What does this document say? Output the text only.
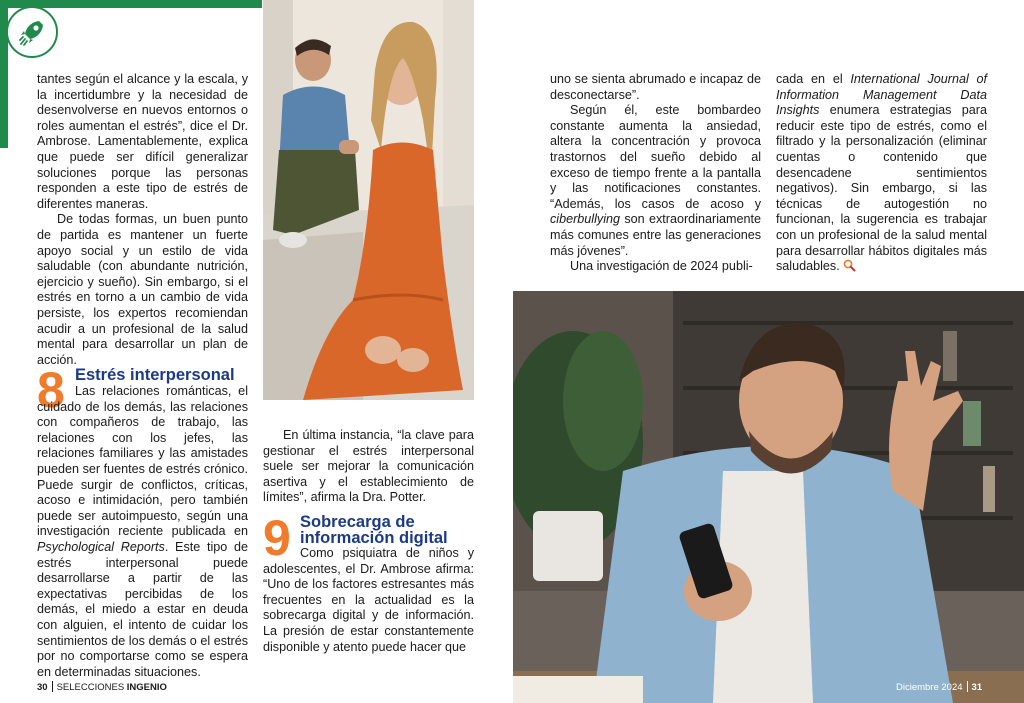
tantes según el alcance y la escala, y la incertidumbre y la necesidad de desenvolverse en nuevos entornos o roles aumentan el estrés”, dice el Dr. Ambrose. Lamentablemente, explica que puede ser difícil generalizar soluciones porque las personas responden a este tipo de estrés de diferentes maneras.

De todas formas, un buen punto de partida es mantener un fuerte apoyo social y un estilo de vida saludable (con abundante nutrición, ejercicio y sueño). Sin embargo, si el estrés en torno a un cambio de vida persiste, los expertos recomiendan acudir a un profesional de la salud mental para desarrollar un plan de acción.

8 Estrés interpersonal

Las relaciones románticas, el cuidado de los demás, las relaciones con compañeros de trabajo, las relaciones con los jefes, las relaciones familiares y las amistades pueden ser fuentes de estrés crónico. Puede surgir de conflictos, críticas, acoso e intimidación, pero también puede ser autoimpuesto, según una investigación reciente publicada en Psychological Reports. Este tipo de estrés interpersonal puede desarrollarse a partir de las expectativas percibidas de los demás, el miedo a estar en deuda con alguien, el intento de cuidar los sentimientos de los demás o el estrés por no comportarse como se espera en determinadas situaciones.

En última instancia, “la clave para gestionar el estrés interpersonal suele ser mejorar la comunicación asertiva y el establecimiento de límites”, afirma la Dra. Potter.

9 Sobrecarga de
información digital

Como psiquiatra de niños y adolescentes, el Dr. Ambrose afirma: “Uno de los factores estresantes más frecuentes en la actualidad es la sobrecarga digital y de información. La presión de estar constantemente disponible y atento puede hacer que

uno se sienta abrumado e incapaz de desconectarse”.

Según él, este bombardeo constante aumenta la ansiedad, altera la concentración y provoca trastornos del sueño debido al exceso de tiempo frente a la pantalla y las notificaciones constantes. “Además, los casos de acoso y ciberbullying son extraordinariamente más comunes entre las generaciones más jóvenes”.

Una investigación de 2024 publi-

cada en el International Journal of Information Management Data Insights enumera estrategias para reducir este tipo de estrés, como el filtrado y la personalización (eliminar cuentas o contenido que desencadene sentimientos negativos). Sin embargo, si las técnicas de autogestión no funcionan, la sugerencia es trabajar con un profesional de la salud mental para desarrollar hábitos digitales más saludables.

30 SELECCIONES INGENIO	Diciembre 2024 31
